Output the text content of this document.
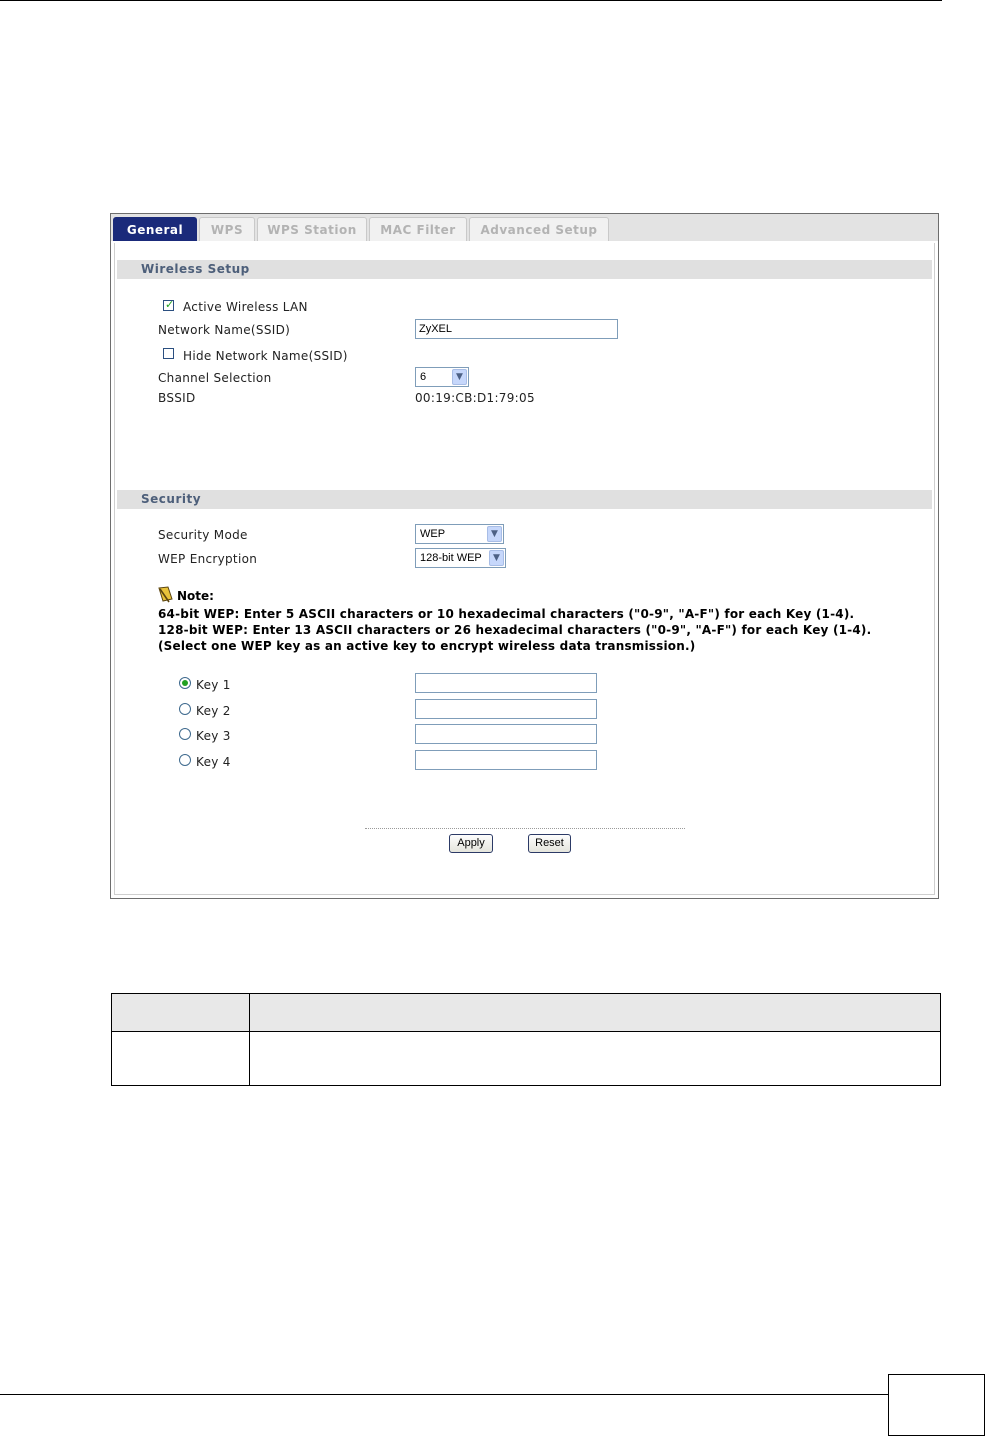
General	WPS	WPS Station	MAC Filter	Advanced Setup
Wireless Setup
✓ Active Wireless LAN
Network Name(SSID)	ZyXEL
Hide Network Name(SSID)
Channel Selection	6	▼
BSSID	00:19:CB:D1:79:05
Security
Security Mode	WEP	▼
WEP Encryption	128-bit WEP	▼
Note:
64-bit WEP: Enter 5 ASCII characters or 10 hexadecimal characters ("0-9", "A-F") for each Key (1-4).
128-bit WEP: Enter 13 ASCII characters or 26 hexadecimal characters ("0-9", "A-F") for each Key (1-4).
(Select one WEP key as an active key to encrypt wireless data transmission.)
Key 1
Key 2
Key 3
Key 4
Apply	Reset
